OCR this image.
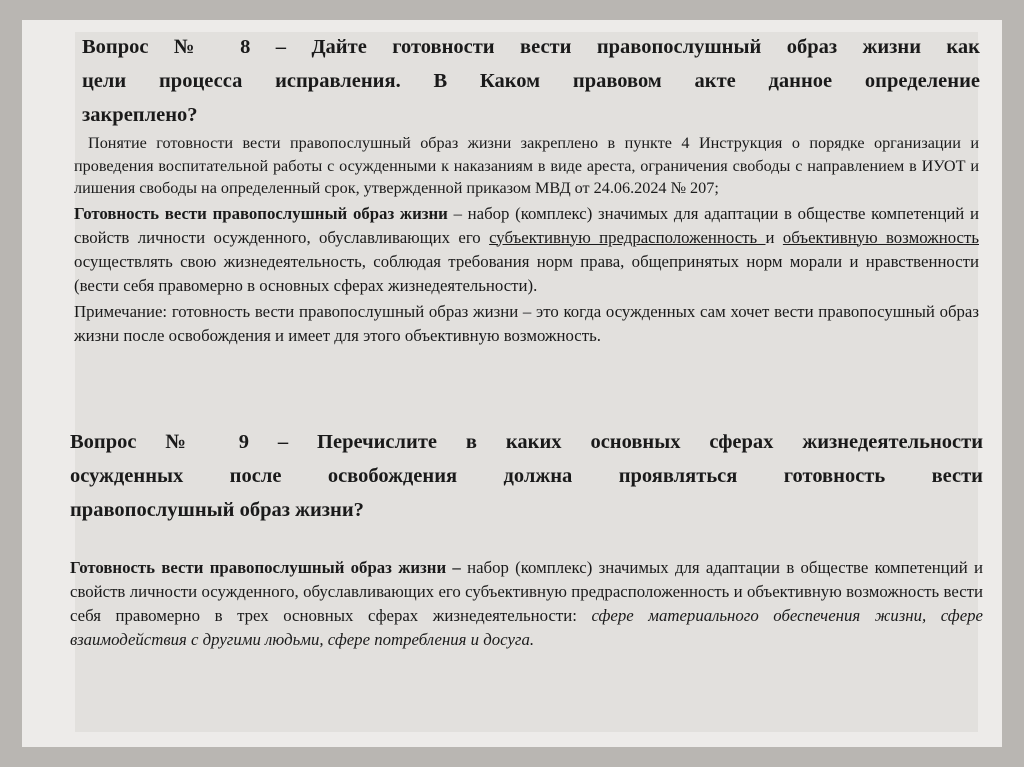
Вопрос № 8 – Дайте готовности вести правопослушный образ жизни как
цели процесса исправления. В Каком правовом акте данное определение
закреплено?

Понятие готовности вести правопослушный образ жизни закреплено в пункте 4 Инструкция о порядке организации и проведения воспитательной работы с осужденными к наказаниям в виде ареста, ограничения свободы с направлением в ИУОТ и лишения свободы на определенный срок, утвержденной приказом МВД от 24.06.2024 № 207;

Готовность вести правопослушный образ жизни – набор (комплекс) значимых для адаптации в обществе компетенций и свойств личности осужденного, обуславливающих его субъективную предрасположенность и объективную возможность осуществлять свою жизнедеятельность, соблюдая требования норм права, общепринятых норм морали и нравственности (вести себя правомерно в основных сферах жизнедеятельности).

Примечание: готовность вести правопослушный образ жизни – это когда осужденных сам хочет вести правопосушный образ жизни после освобождения и имеет для этого объективную возможность.

Вопрос № 9 – Перечислите в каких основных сферах жизнедеятельности
осужденных после освобождения должна проявляться готовность вести
правопослушный образ жизни?

Готовность вести правопослушный образ жизни – набор (комплекс) значимых для адаптации в обществе компетенций и свойств личности осужденного, обуславливающих его субъективную предрасположенность и объективную возможность вести себя правомерно в трех основных сферах жизнедеятельности: сфере материального обеспечения жизни, сфере взаимодействия с другими людьми, сфере потребления и досуга.
